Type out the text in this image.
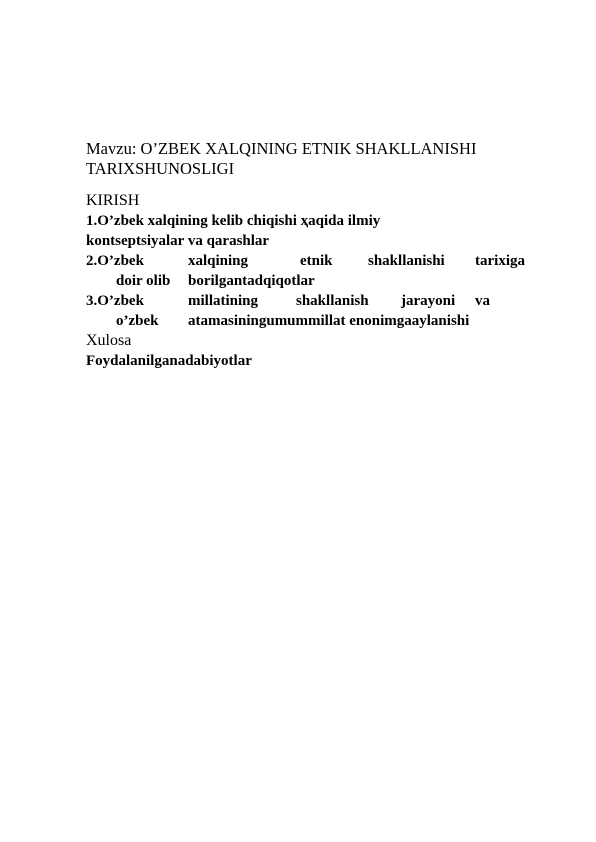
Mavzu: O’ZBEK XALQINING ETNIK SHAKLLANISHI
TARIXSHUNOSLIGI
KIRISH
1.O’zbek xalqining kelib chiqishi ҳaqida ilmiy
kontseptsiyalar va qarashlar
2.O’zbek	xalqining	etnik shakllanishi tarixiga
doir olib borilgantadqiqotlar
3.O’zbek	millatining	shakllanish jarayoni va
o’zbek atamasiningumummillat enonimgaaylanishi
Xulosa
Foydalanilganadabiyotlar
